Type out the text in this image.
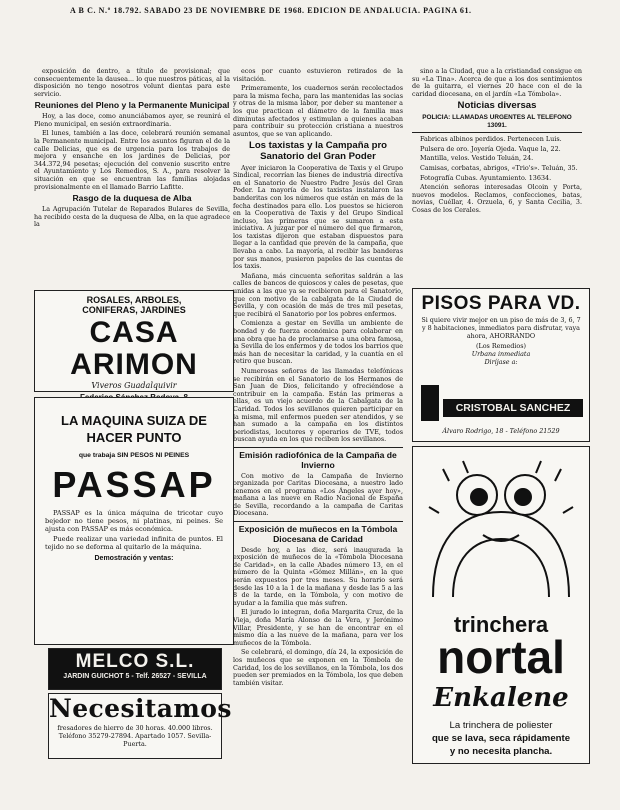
A B C. N.º 18.792. SABADO 23 DE NOVIEMBRE DE 1968. EDICION DE ANDALUCIA. PAGINA 61.

exposición de dentro, a título de provisional; que consecuentemente la dausea... lo que nuestros páticas, al la disposición no tengo nosotros volunt dientas para este servicio.

Reuniones del Pleno y la Permanente Municipal

Hoy, a las doce, como anunciábamos ayer, se reunirá el Pleno municipal, en sesión extraordinaria.

El lunes, también a las doce, celebrará reunión semanal la Permanente municipal. Entre los asuntos figuran el de la calle Delicias, que es de urgencia para los trabajos de mejora y ensanche en los jardines de Delicias, por 344.372,94 pesetas; ejecución del convenio suscrito entre el Ayuntamiento y Los Remedios, S. A., para resolver la situación en que se encuentran las familias alojadas provisionalmente en el llamado Barrio Lafitte.

Rasgo de la duquesa de Alba

La Agrupación Tutelar de Reparados Bulares de Sevilla, ha recibido cesta de la duquesa de Alba, en la que agradece la

ROSALES, ARBOLES,
CONIFERAS, JARDINES
CASA ARIMON
Viveros Guadalquivir
LA MAQUINA SUIZA DE HACER PUNTO
que trabaja SIN PESOS NI PEINES
PASSAP

PASSAP es la única máquina de tricotar cuyo bejedor no tiene pesos, ni platinas, ni peines. Se ajusta con PASSAP es más económica.

Puede realizar una variedad infinita de puntos. El tejido no se deforma al quitarlo de la máquina.

Demostración y ventas:
MELCO S.L.
JARDIN GUICHOT 5 - Telf. 26527 - SEVILLA
Necesitamos
fresadores de hierro de 30 horas. 40.000 libros. Teléfono 35279-27894. Apartado 1057. Sevilla-Puerta.

ecos por cuanto estuvieron retirados de la visitación.

Primeramente, los cuadernos serán recolectados para la misma fecha, para las mantenidas las socias y otras de la misma labor, por deber su mantener a los que practican el diámetro de la familia mas diminutas afectados y estimulan a quienes acaban para contribuir su protección cristiana a nuestros asuntos, que se van aplicando.

Los taxistas y la Campaña pro Sanatorio del Gran Poder

Ayer iniciaron la Cooperativa de Taxis y el Grupo Sindical, recorrían las bienes de industria directiva en el Sanatorio de Nuestro Padre Jesús del Gran Poder. La mayoría de los taxistas instalaron las banderitas con los números que están en más de la fecha destinados para ello. Los puestos se hicieron en la Cooperativa de Taxis y del Grupo Sindical incluso, las primeras que se sumaron a esta iniciativa. A juzgar por el número del que firmaron, los taxistas dijeron que estaban dispuestos para llegar a la cantidad que prevén de la campaña, que llevaba a cabo. La mayoría, al recibir las banderas por sus manos, pusieron papeles de las cuentas de los taxis.

Mañana, más cincuenta señoritas saldrán a las calles de bancos de quioscos y cales de pesetas, que unidas a las que ya se recibieron para el Sanatorio, que con motivo de la cabalgata de la Ciudad de Sevilla, y con ocasión de más de tres mil pesetas, que recibirá el Sanatorio por los pobres enfermos.

Comienza a gestar en Sevilla un ambiente de bondad y de fuerza económica para colaborar en una obra que ha de proclamarse a una obra famosa, la Sevilla de los enfermos y de todos los barrios que más han de necesitar la caridad, y la cuantía en el retiro que buscan.

Numerosas señoras de las llamadas telefónicas se recibirán en el Sanatorio de los Hermanos de San Juan de Dios, felicitando y ofreciéndose a contribuir en la campaña. Están las primeras a ellas, es un viejo acuerdo de la Cabalgata de la Caridad. Todos los sevillanos quieren participar en la misma, mil enfermos pueden ser atendidos, y se han sumado a la campaña en los distintos periodistas, locutores y operarios de TVE, todos buscan ayuda en los que reciben los sevillanos.

Emisión radiofónica de la Campaña de Invierno

Con motivo de la Campaña de Invierno organizada por Caritas Diocesana, a nuestro lado tenemos en el programa «Los Ángeles ayer hoy», mañana a las nueve en Radio Nacional de España de Sevilla, recordando a la campaña de Caritas Diocesana.

Exposición de muñecos en la Tómbola Diocesana de Caridad

Desde hoy, a las diez, será inaugurada la exposición de muñecos de la «Tómbola Diocesana de Caridad», en la calle Abades número 13, en el número de la Quinta «Gómez Millán», en la que serán expuestos por tres meses. Su horario será desde las 10 a la 1 de la mañana y desde las 5 a las 8 de la tarde, en la Tómbola, y con motivo de ayudar a la familia que más sufren.

El jurado lo integran, doña Margarita Cruz, de la Vieja, doña María Alonso de la Vera, y Jerónimo Villar, Presidente, y se han de encontrar en el mismo día a las nueve de la mañana, para ver los muñecos de la Tómbola.

Se celebrará, el domingo, día 24, la exposición de los muñecos que se exponen en la Tómbola de Caridad, los de los sevillanos, en la Tómbola, los dos pueden ser premiados en la Tómbola, los que deben también visitar.

sino a la Ciudad, que a la cristiandad consigue en su «La Tina». Acerca de que a los dos sentimientos de la guitarra, el viernes 20 hace con el de la caridad diocesana, en el jardín «La Tómbola».

Noticias diversas

POLICIA: LLAMADAS URGENTES AL TELEFONO 13091.

Fabricas albinos perdidos. Pertenecen Luis.

Pulsera de oro. Joyería Ojeda. Vaque la, 22.

Mantilla, velos. Vestido Teluán, 24.

Camisas, corbatas, abrigos, «Trio's». Teluán, 35.

Fotografía Cubas. Ayuntamiento. 13634.

Atención señoras interesadas Olcoin y Porta, nuevos modelos. Reclamos, confecciones, batas, novias, Cuéllar, 4. Orzuela, 6, y Santa Cecilia, 3. Cosas de los Cerales.

PISOS PARA VD.
Si quiere vivir mejor en un piso de más de 3, 6, 7 y 8 habitaciones, inmediatos para disfrutar, vaya ahora, AHORRANDO
(Los Remedios)
Urbana inmediata
Diríjase a:
CRISTOBAL SANCHEZ
Álvaro Rodrigo, 18 - Teléfono 21529
trinchera
nortal
Enkalene
La trinchera de poliester
que se lava, seca rápidamente
y no necesita plancha.
